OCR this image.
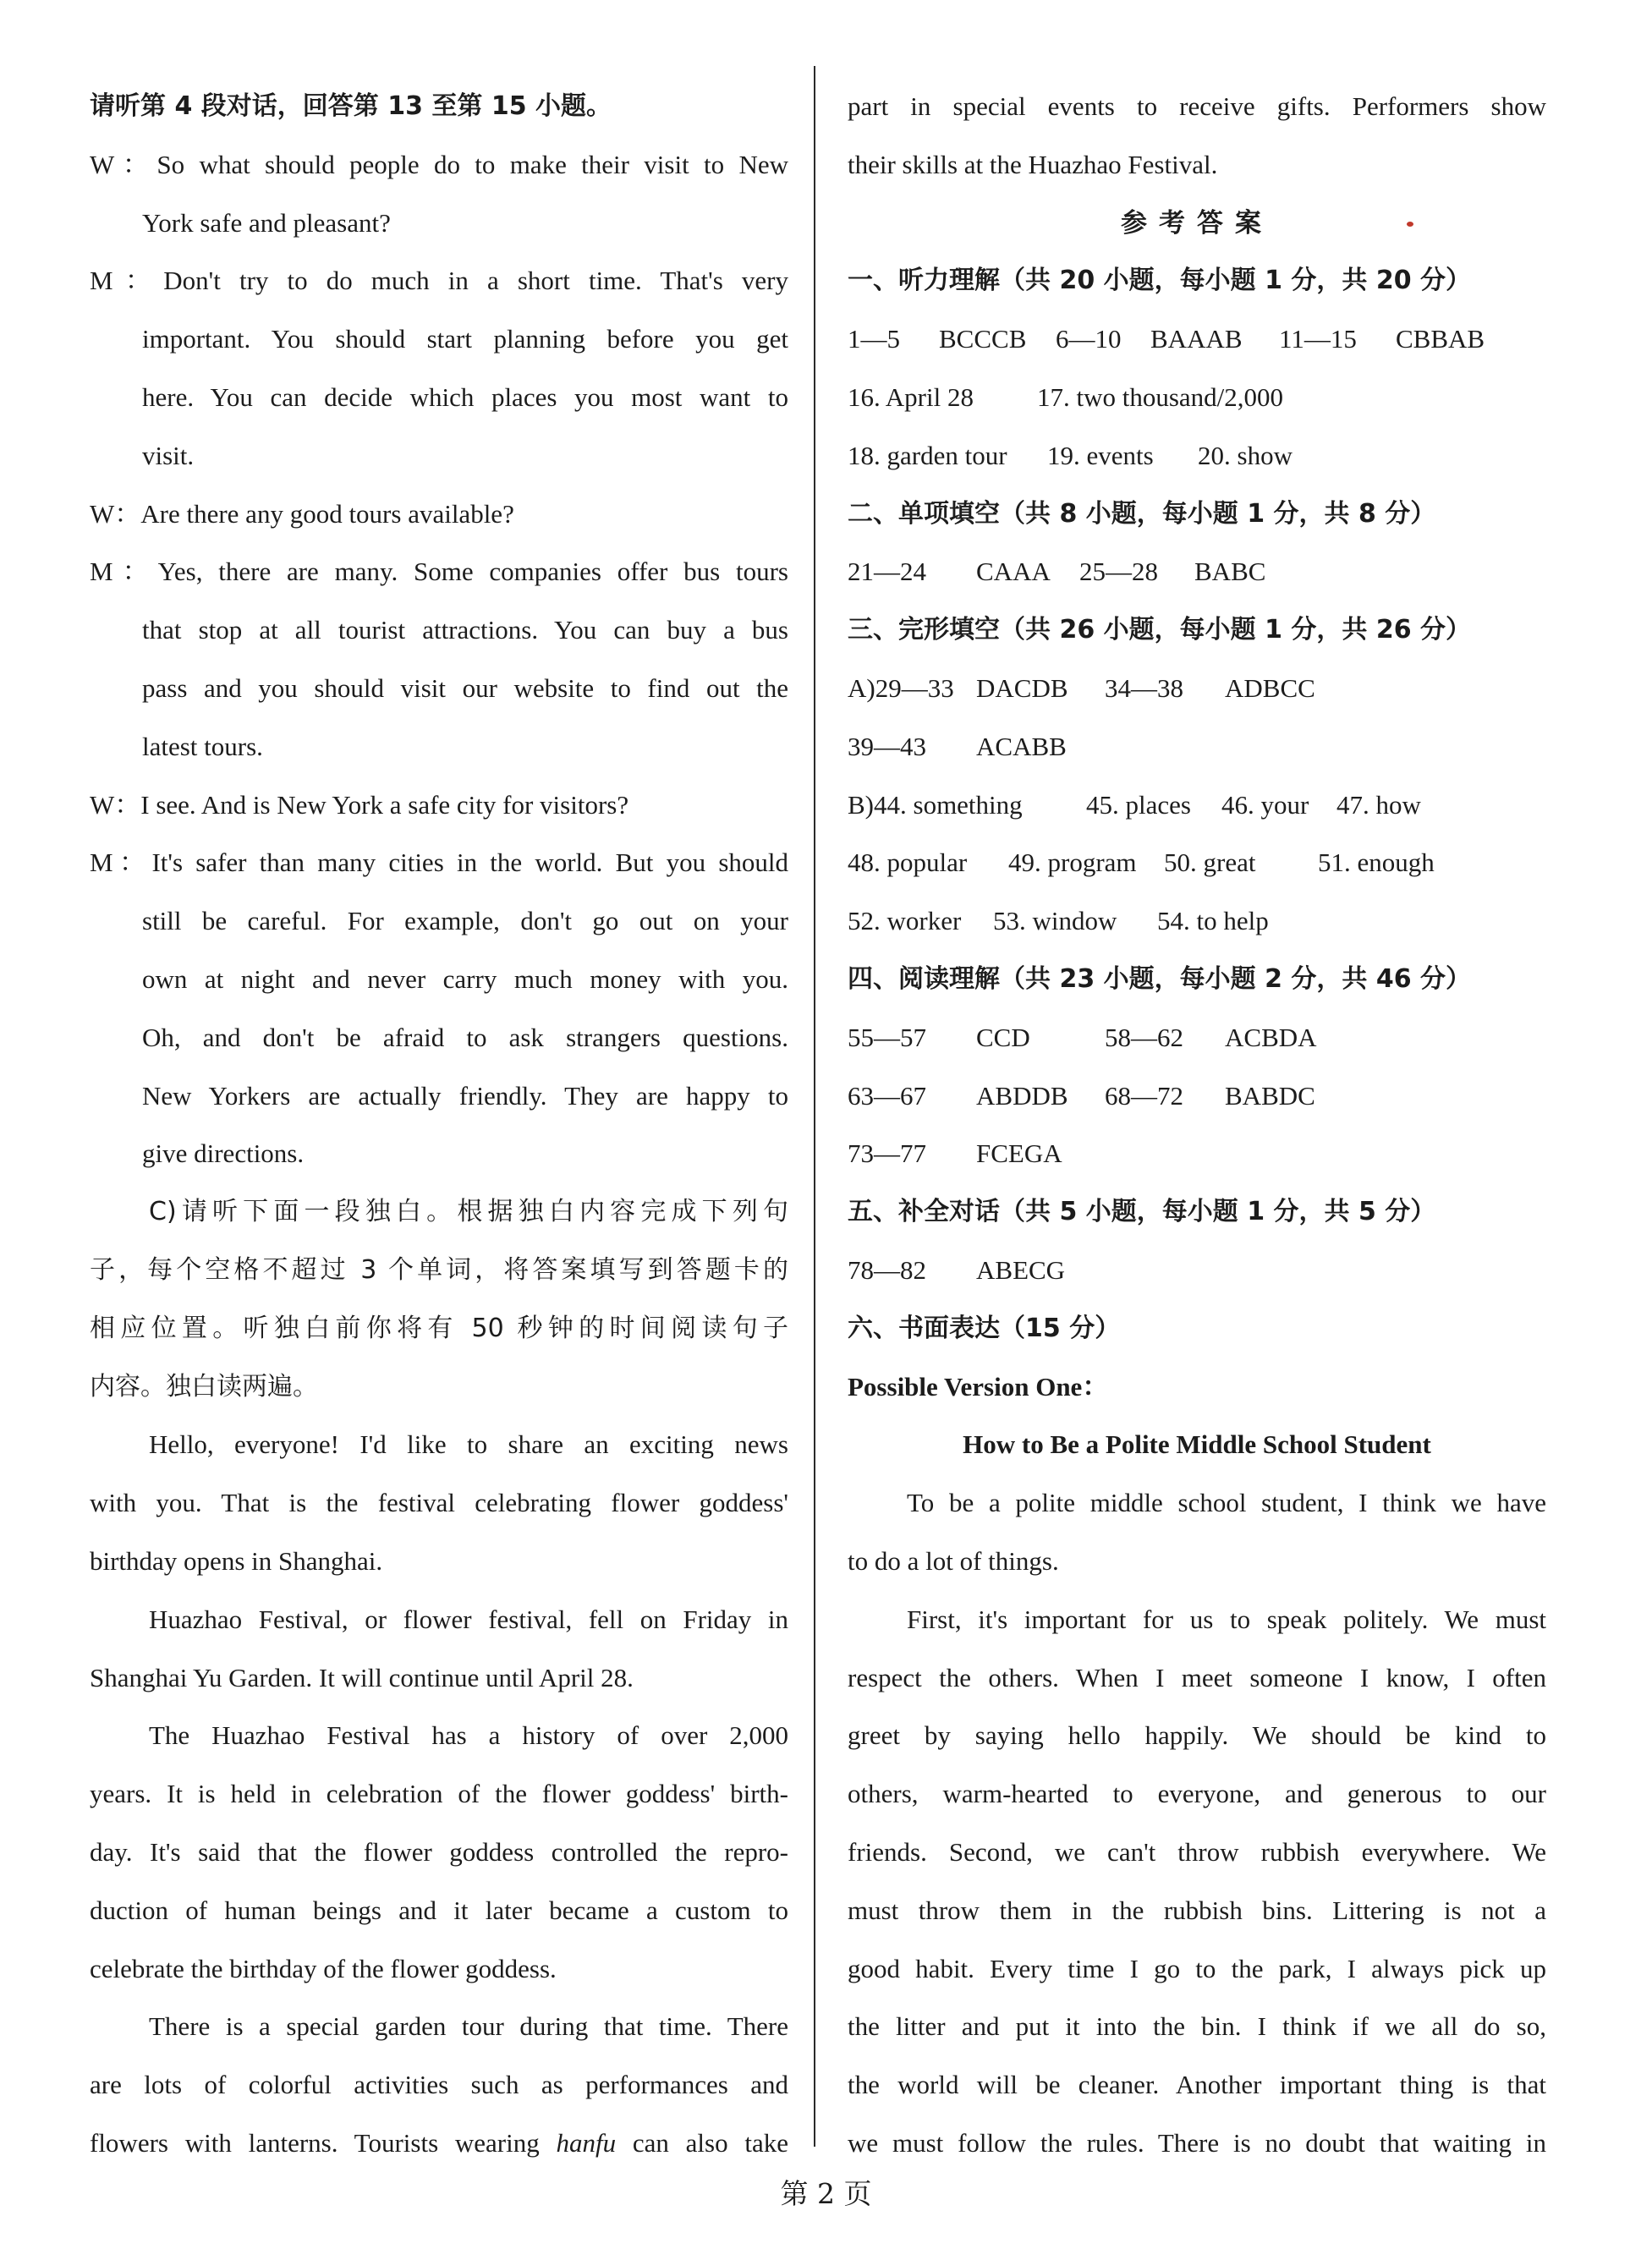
请听第 4 段对话，回答第 13 至第 15 小题。
W：So what should people do to make their visit to New
York safe and pleasant?
M：Don't try to do much in a short time. That's very
important. You should start planning before you get
here. You can decide which places you most want to
visit.
W：Are there any good tours available?
M：Yes, there are many. Some companies offer bus tours
that stop at all tourist attractions. You can buy a bus
pass and you should visit our website to find out the
latest tours.
W：I see. And is New York a safe city for visitors?
M：It's safer than many cities in the world. But you should
still be careful. For example, don't go out on your
own at night and never carry much money with you.
Oh, and don't be afraid to ask strangers questions.
New Yorkers are actually friendly. They are happy to
give directions.
C)请听下面一段独白。根据独白内容完成下列句
子，每个空格不超过 3 个单词，将答案填写到答题卡的
相应位置。听独白前你将有 50 秒钟的时间阅读句子
内容。独白读两遍。
Hello, everyone! I'd like to share an exciting news
with you. That is the festival celebrating flower goddess'
birthday opens in Shanghai.
Huazhao Festival, or flower festival, fell on Friday in
Shanghai Yu Garden. It will continue until April 28.
The Huazhao Festival has a history of over 2,000
years. It is held in celebration of the flower goddess' birth-
day. It's said that the flower goddess controlled the repro-
duction of human beings and it later became a custom to
celebrate the birthday of the flower goddess.
There is a special garden tour during that time. There
are lots of colorful activities such as performances and
flowers with lanterns. Tourists wearing hanfu can also take
part in special events to receive gifts. Performers show
their skills at the Huazhao Festival.
参考答案
一、听力理解（共 20 小题，每小题 1 分，共 20 分）
1—5	BCCCB	6—10	BAAAB	11—15	CBBAB
16. April 28	17. two thousand/2,000
18. garden tour	19. events	20. show
二、单项填空（共 8 小题，每小题 1 分，共 8 分）
21—24	CAAA	25—28	BABC
三、完形填空（共 26 小题，每小题 1 分，共 26 分）
A)29—33 DACDB	34—38	ADBCC
39—43	ACABB
B)44. something	45. places	46. your	47. how
48. popular	49. program	50. great	51. enough
52. worker	53. window	54. to help
四、阅读理解（共 23 小题，每小题 2 分，共 46 分）
55—57	CCD	58—62	ACBDA
63—67	ABDDB	68—72	BABDC
73—77	FCEGA
五、补全对话（共 5 小题，每小题 1 分，共 5 分）
78—82	ABECG
六、书面表达（15 分）
Possible Version One：
How to Be a Polite Middle School Student
To be a polite middle school student, I think we have
to do a lot of things.
First, it's important for us to speak politely. We must
respect the others. When I meet someone I know, I often
greet by saying hello happily. We should be kind to
others, warm-hearted to everyone, and generous to our
friends. Second, we can't throw rubbish everywhere. We
must throw them in the rubbish bins. Littering is not a
good habit. Every time I go to the park, I always pick up
the litter and put it into the bin. I think if we all do so,
the world will be cleaner. Another important thing is that
we must follow the rules. There is no doubt that waiting in
第 2 页
